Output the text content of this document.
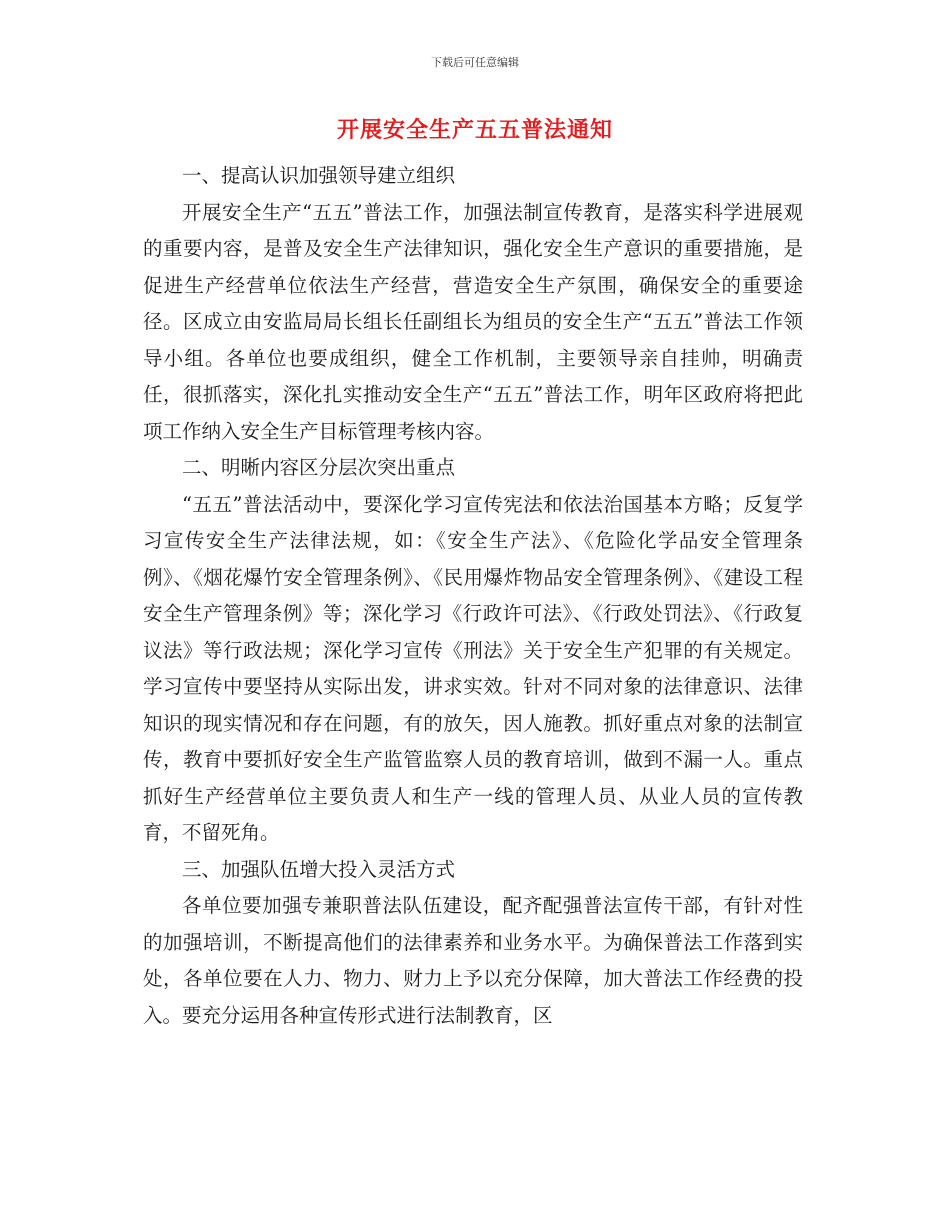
下载后可任意编辑
开展安全生产五五普法通知

一、提高认识加强领导建立组织

开展安全生产“五五”普法工作，加强法制宣传教育，是落实科学进展观的重要内容，是普及安全生产法律知识，强化安全生产意识的重要措施，是促进生产经营单位依法生产经营，营造安全生产氛围，确保安全的重要途径。区成立由安监局局长组长任副组长为组员的安全生产“五五”普法工作领导小组。各单位也要成组织，健全工作机制，主要领导亲自挂帅，明确责任，很抓落实，深化扎实推动安全生产“五五”普法工作，明年区政府将把此项工作纳入安全生产目标管理考核内容。

二、明晰内容区分层次突出重点

“五五”普法活动中，要深化学习宣传宪法和依法治国基本方略；反复学习宣传安全生产法律法规，如：《安全生产法》、《危险化学品安全管理条例》、《烟花爆竹安全管理条例》、《民用爆炸物品安全管理条例》、《建设工程安全生产管理条例》等；深化学习《行政许可法》、《行政处罚法》、《行政复议法》等行政法规；深化学习宣传《刑法》关于安全生产犯罪的有关规定。学习宣传中要坚持从实际出发，讲求实效。针对不同对象的法律意识、法律知识的现实情况和存在问题，有的放矢，因人施教。抓好重点对象的法制宣传，教育中要抓好安全生产监管监察人员的教育培训，做到不漏一人。重点抓好生产经营单位主要负责人和生产一线的管理人员、从业人员的宣传教育，不留死角。

三、加强队伍增大投入灵活方式

各单位要加强专兼职普法队伍建设，配齐配强普法宣传干部，有针对性的加强培训，不断提高他们的法律素养和业务水平。为确保普法工作落到实处，各单位要在人力、物力、财力上予以充分保障，加大普法工作经费的投入。要充分运用各种宣传形式进行法制教育，区
